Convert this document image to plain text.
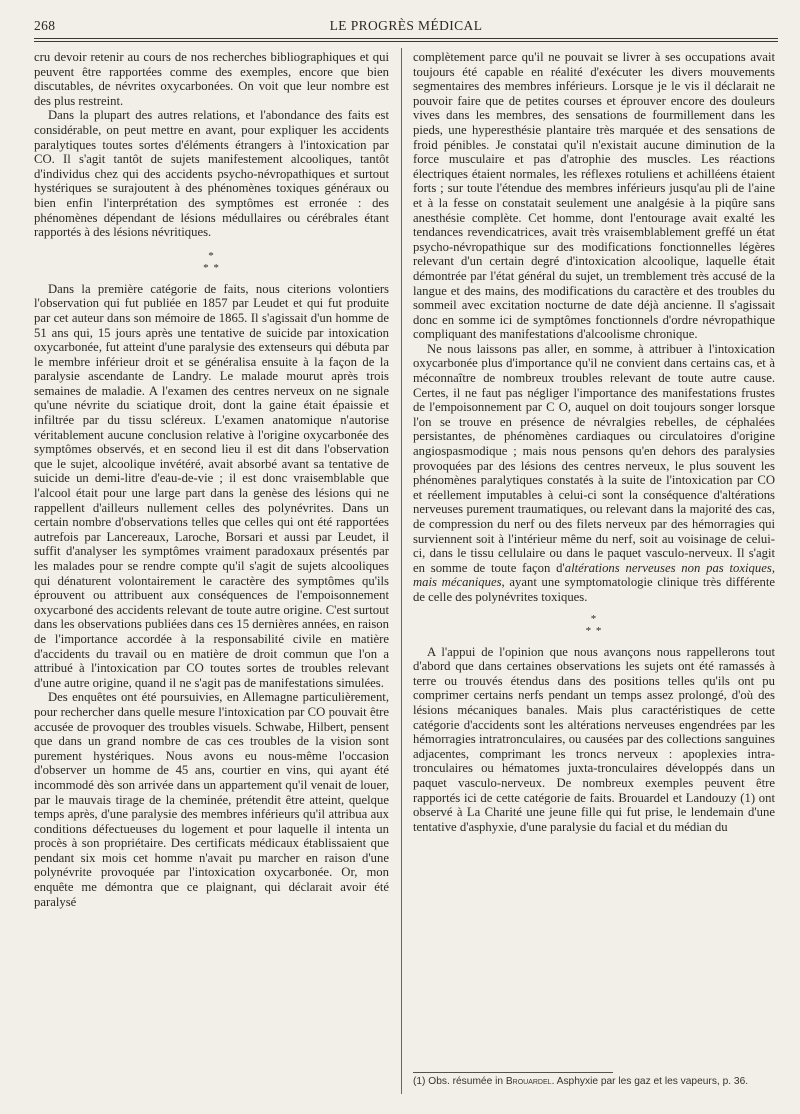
268	LE PROGRÈS MÉDICAL

cru devoir retenir au cours de nos recherches bibliographiques et qui peuvent être rapportées comme des exemples, encore que bien discutables, de névrites oxycarbonées. On voit que leur nombre est des plus restreint.

Dans la plupart des autres relations, et l'abondance des faits est considérable, on peut mettre en avant, pour expliquer les accidents paralytiques toutes sortes d'éléments étrangers à l'intoxication par CO. Il s'agit tantôt de sujets manifestement alcooliques, tantôt d'individus chez qui des accidents psycho-névropathiques et surtout hystériques se surajoutent à des phénomènes toxiques généraux ou bien enfin l'interprétation des symptômes est erronée : des phénomènes dépendant de lésions médullaires ou cérébrales étant rapportés à des lésions névritiques.

*
* *

Dans la première catégorie de faits, nous citerions volontiers l'observation qui fut publiée en 1857 par Leudet et qui fut produite par cet auteur dans son mémoire de 1865. Il s'agissait d'un homme de 51 ans qui, 15 jours après une tentative de suicide par intoxication oxycarbonée, fut atteint d'une paralysie des extenseurs qui débuta par le membre inférieur droit et se généralisa ensuite à la façon de la paralysie ascendante de Landry. Le malade mourut après trois semaines de maladie. A l'examen des centres nerveux on ne signale qu'une névrite du sciatique droit, dont la gaine était épaissie et infiltrée par du tissu scléreux. L'examen anatomique n'autorise véritablement aucune conclusion relative à l'origine oxycarbonée des symptômes observés, et en second lieu il est dit dans l'observation que le sujet, alcoolique invétéré, avait absorbé avant sa tentative de suicide un demi-litre d'eau-de-vie ; il est donc vraisemblable que l'alcool était pour une large part dans la genèse des lésions qui ne rappellent d'ailleurs nullement celles des polynévrites. Dans un certain nombre d'observations telles que celles qui ont été rapportées autrefois par Lancereaux, Laroche, Borsari et aussi par Leudet, il suffit d'analyser les symptômes vraiment paradoxaux présentés par les malades pour se rendre compte qu'il s'agit de sujets alcooliques qui dénaturent volontairement le caractère des symptômes qu'ils éprouvent ou attribuent aux conséquences de l'empoisonnement oxycarboné des accidents relevant de toute autre origine. C'est surtout dans les observations publiées dans ces 15 dernières années, en raison de l'importance accordée à la responsabilité civile en matière d'accidents du travail ou en matière de droit commun que l'on a attribué à l'intoxication par CO toutes sortes de troubles relevant d'une autre origine, quand il ne s'agit pas de manifestations simulées.

Des enquêtes ont été poursuivies, en Allemagne particulièrement, pour rechercher dans quelle mesure l'intoxication par CO pouvait être accusée de provoquer des troubles visuels. Schwabe, Hilbert, pensent que dans un grand nombre de cas ces troubles de la vision sont purement hystériques. Nous avons eu nous-même l'occasion d'observer un homme de 45 ans, courtier en vins, qui ayant été incommodé dès son arrivée dans un appartement qu'il venait de louer, par le mauvais tirage de la cheminée, prétendit être atteint, quelque temps après, d'une paralysie des membres inférieurs qu'il attribua aux conditions défectueuses du logement et pour laquelle il intenta un procès à son propriétaire. Des certificats médicaux établissaient que pendant six mois cet homme n'avait pu marcher en raison d'une polynévrite provoquée par l'intoxication oxycarbonée. Or, mon enquête me démontra que ce plaignant, qui déclarait avoir été paralysé

complètement parce qu'il ne pouvait se livrer à ses occupations avait toujours été capable en réalité d'exécuter les divers mouvements segmentaires des membres inférieurs. Lorsque je le vis il déclarait ne pouvoir faire que de petites courses et éprouver encore des douleurs vives dans les membres, des sensations de fourmillement dans les pieds, une hyperesthésie plantaire très marquée et des sensations de froid pénibles. Je constatai qu'il n'existait aucune diminution de la force musculaire et pas d'atrophie des muscles. Les réactions électriques étaient normales, les réflexes rotuliens et achilléens étaient forts ; sur toute l'étendue des membres inférieurs jusqu'au pli de l'aine et à la fesse on constatait seulement une analgésie à la piqûre sans anesthésie complète. Cet homme, dont l'entourage avait exalté les tendances revendicatrices, avait très vraisemblablement greffé un état psycho-névropathique sur des modifications fonctionnelles légères relevant d'un certain degré d'intoxication alcoolique, laquelle était démontrée par l'état général du sujet, un tremblement très accusé de la langue et des mains, des modifications du caractère et des troubles du sommeil avec excitation nocturne de date déjà ancienne. Il s'agissait donc en somme ici de symptômes fonctionnels d'ordre névropathique compliquant des manifestations d'alcoolisme chronique.

Ne nous laissons pas aller, en somme, à attribuer à l'intoxication oxycarbonée plus d'importance qu'il ne convient dans certains cas, et à méconnaître de nombreux troubles relevant de toute autre cause. Certes, il ne faut pas négliger l'importance des manifestations frustes de l'empoisonnement par C O, auquel on doit toujours songer lorsque l'on se trouve en présence de névralgies rebelles, de céphalées persistantes, de phénomènes cardiaques ou circulatoires d'origine angiospasmodique ; mais nous pensons qu'en dehors des paralysies provoquées par des lésions des centres nerveux, le plus souvent les phénomènes paralytiques constatés à la suite de l'intoxication par CO et réellement imputables à celui-ci sont la conséquence d'altérations nerveuses purement traumatiques, ou relevant dans la majorité des cas, de compression du nerf ou des filets nerveux par des hémorragies qui surviennent soit à l'intérieur même du nerf, soit au voisinage de celui-ci, dans le tissu cellulaire ou dans le paquet vasculo-nerveux. Il s'agit en somme de toute façon d'altérations nerveuses non pas toxiques, mais mécaniques, ayant une symptomatologie clinique très différente de celle des polynévrites toxiques.

*
* *

A l'appui de l'opinion que nous avançons nous rappellerons tout d'abord que dans certaines observations les sujets ont été ramassés à terre ou trouvés étendus dans des positions telles qu'ils ont pu comprimer certains nerfs pendant un temps assez prolongé, d'où des lésions mécaniques banales. Mais plus caractéristiques de cette catégorie d'accidents sont les altérations nerveuses engendrées par les hémorragies intratronculaires, ou causées par des collections sanguines adjacentes, comprimant les troncs nerveux : apoplexies intra-tronculaires ou hématomes juxta-tronculaires développés dans un paquet vasculo-nerveux. De nombreux exemples peuvent être rapportés ici de cette catégorie de faits. Brouardel et Landouzy (1) ont observé à La Charité une jeune fille qui fut prise, le lendemain d'une tentative d'asphyxie, d'une paralysie du facial et du médian du

(1) Obs. résumée in Brouardel. Asphyxie par les gaz et les vapeurs, p. 36.
